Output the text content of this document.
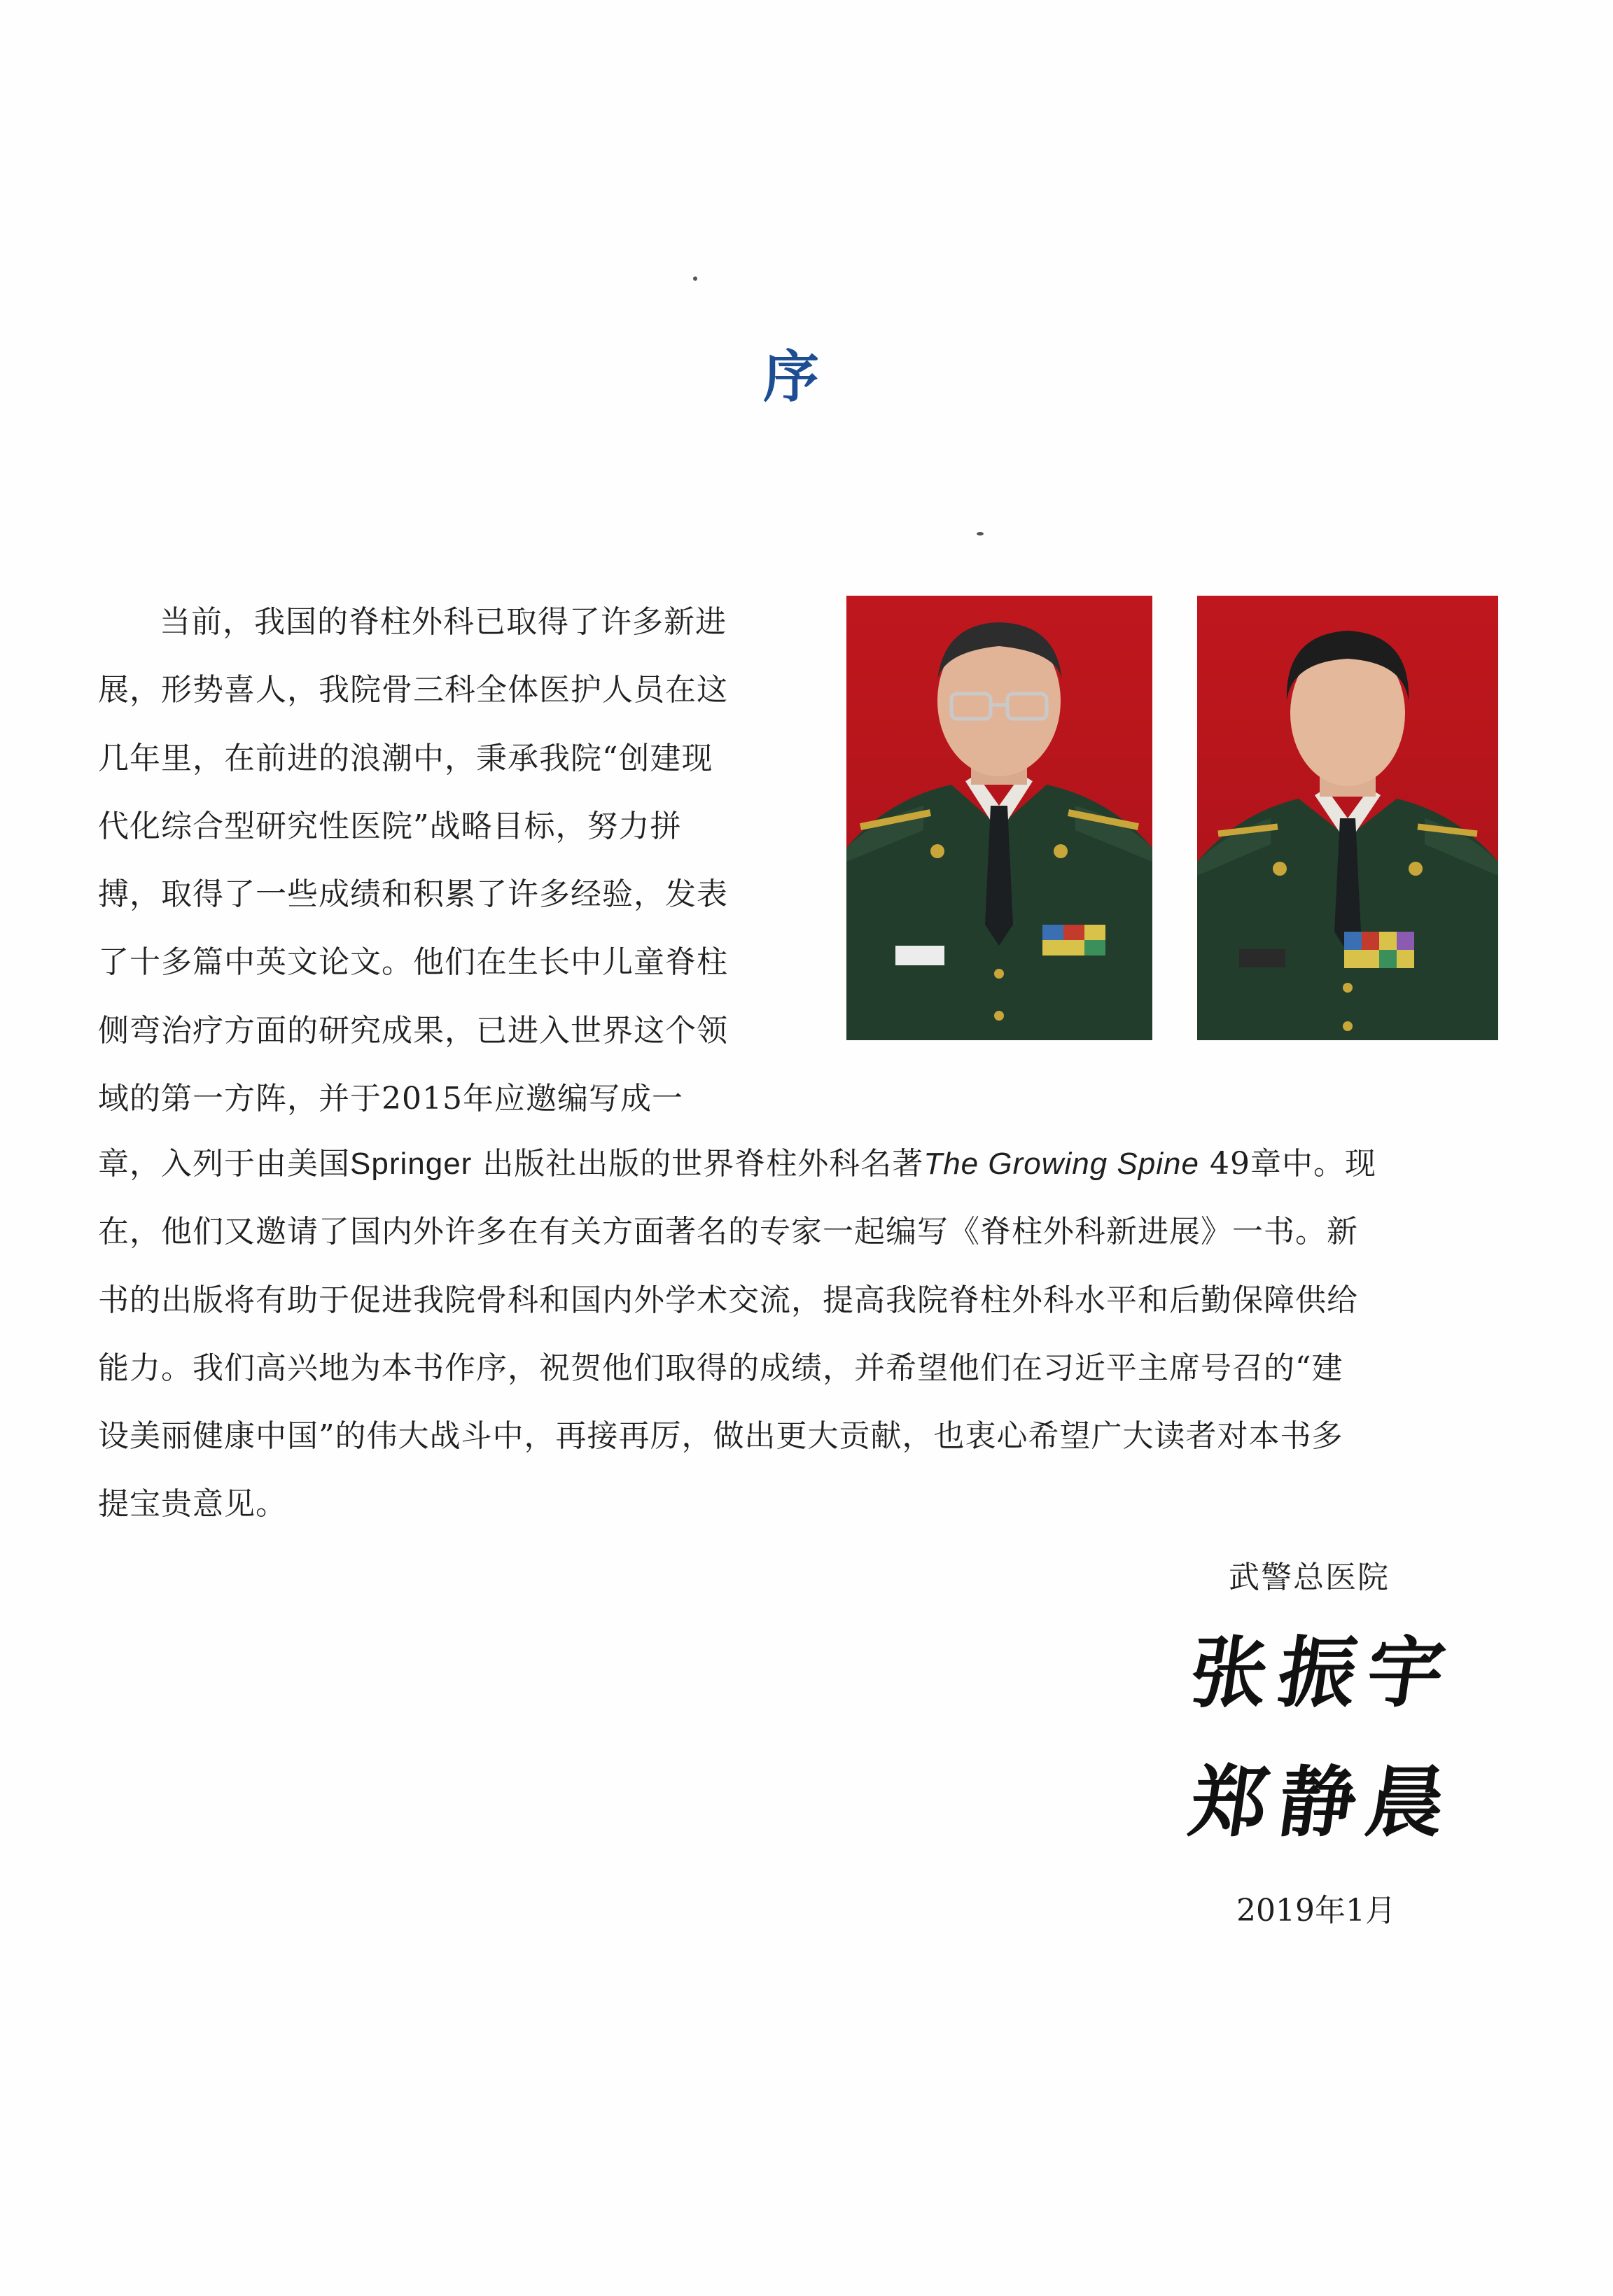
序
当前，我国的脊柱外科已取得了许多新进
展，形势喜人，我院骨三科全体医护人员在这
几年里，在前进的浪潮中，秉承我院“创建现
代化综合型研究性医院”战略目标，努力拼
搏，取得了一些成绩和积累了许多经验，发表
了十多篇中英文论文。他们在生长中儿童脊柱
侧弯治疗方面的研究成果，已进入世界这个领
域的第一方阵，并于2015年应邀编写成一
章，入列于由美国Springer 出版社出版的世界脊柱外科名著The Growing Spine 49章中。现
在，他们又邀请了国内外许多在有关方面著名的专家一起编写《脊柱外科新进展》一书。新
书的出版将有助于促进我院骨科和国内外学术交流，提高我院脊柱外科水平和后勤保障供给
能力。我们高兴地为本书作序，祝贺他们取得的成绩，并希望他们在习近平主席号召的“建
设美丽健康中国”的伟大战斗中，再接再厉，做出更大贡献，也衷心希望广大读者对本书多
提宝贵意见。
武警总医院
张振宇
郑静晨
2019年1月
